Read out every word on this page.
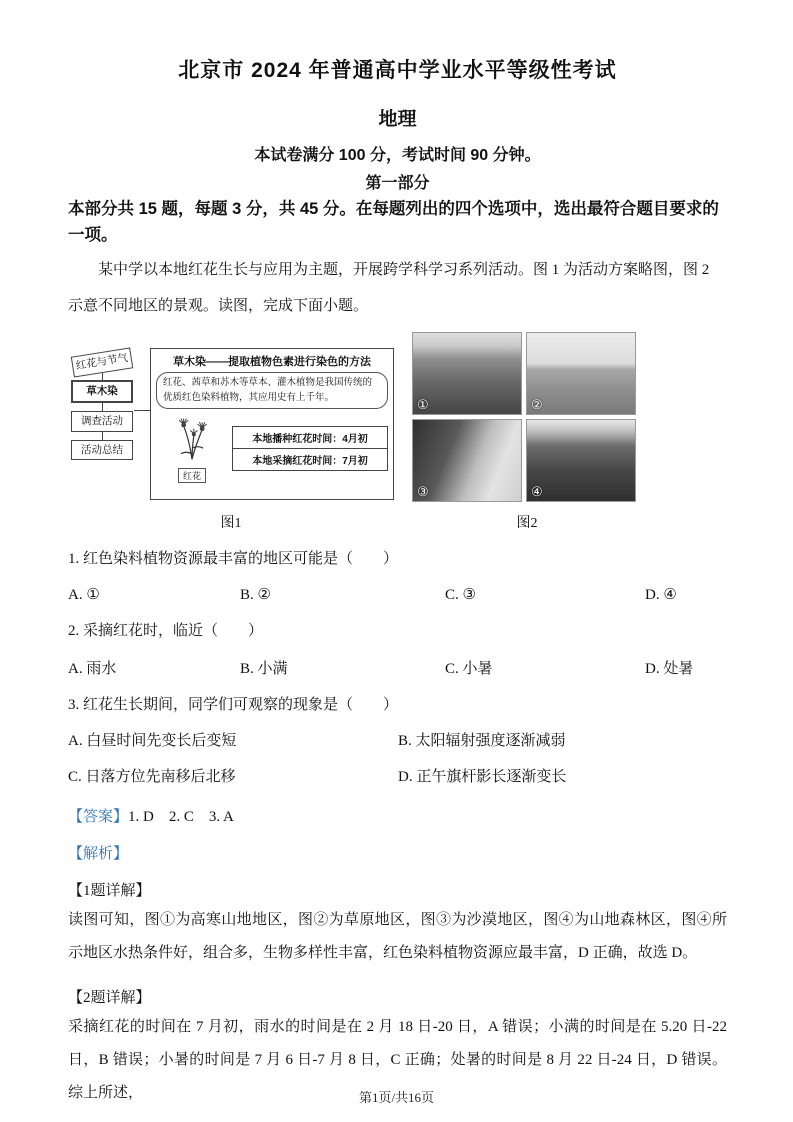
北京市 2024 年普通高中学业水平等级性考试
地理
本试卷满分 100 分，考试时间 90 分钟。
第一部分
本部分共 15 题，每题 3 分，共 45 分。在每题列出的四个选项中，选出最符合题目要求的一项。

某中学以本地红花生长与应用为主题，开展跨学科学习系列活动。图 1 为活动方案略图，图 2 示意不同地区的景观。读图，完成下面小题。

红花与节气
草木染
调查活动
活动总结
草木染——提取植物色素进行染色的方法
红花、茜草和苏木等草本、灌木植物是我国传统的优质红色染料植物，其应用史有上千年。
红花
本地播种红花时间：4月初
本地采摘红花时间：7月初
①	②
③	④
图1	图2
1. 红色染料植物资源最丰富的地区可能是（　　）
A. ①	B. ②	C. ③	D. ④
2. 采摘红花时，临近（　　）
A. 雨水	B. 小满	C. 小暑	D. 处暑
3. 红花生长期间，同学们可观察的现象是（　　）
A. 白昼时间先变长后变短	B. 太阳辐射强度逐渐减弱
C. 日落方位先南移后北移	D. 正午旗杆影长逐渐变长
【答案】1. D    2. C    3. A
【解析】
【1题详解】
读图可知，图①为高寒山地地区，图②为草原地区，图③为沙漠地区，图④为山地森林区，图④所示地区水热条件好，组合多，生物多样性丰富，红色染料植物资源应最丰富，D 正确，故选 D。
【2题详解】
采摘红花的时间在 7 月初，雨水的时间是在 2 月 18 日-20 日，A 错误；小满的时间是在 5.20 日-22 日，B 错误；小暑的时间是 7 月 6 日-7 月 8 日，C 正确；处暑的时间是 8 月 22 日-24 日，D 错误。综上所述，	第1页/共16页
